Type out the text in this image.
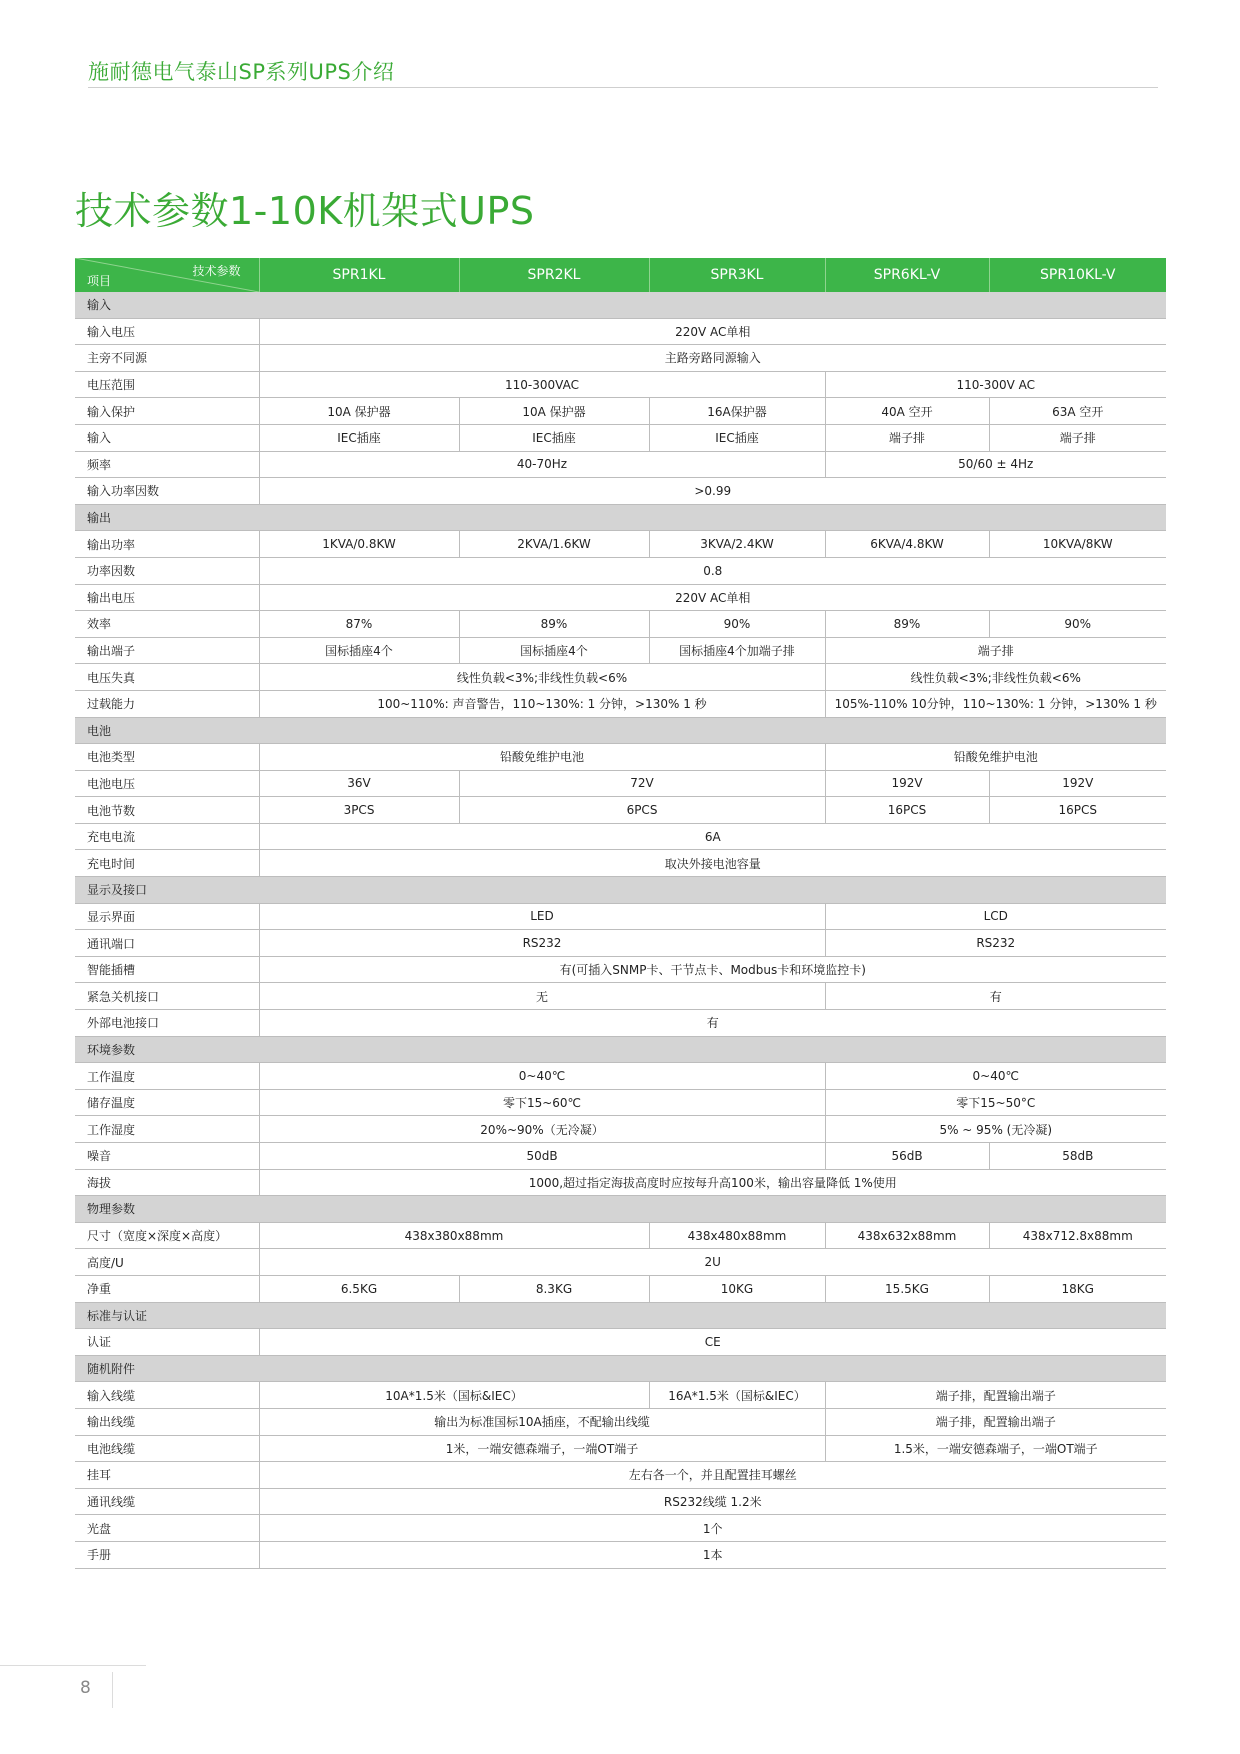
施耐德电气泰山SP系列UPS介绍
技术参数1-10K机架式UPS
技术参数
项目	SPR1KL	SPR2KL	SPR3KL	SPR6KL-V	SPR10KL-V
输入					
输入电压	220V AC单相				
主旁不同源	主路旁路同源输入				
电压范围	110-300VAC			110-300V AC	
输入保护	10A 保护器	10A 保护器	16A保护器	40A 空开	63A 空开
输入	IEC插座	IEC插座	IEC插座	端子排	端子排
频率	40-70Hz			50/60 ± 4Hz	
输入功率因数	>0.99				
输出					
输出功率	1KVA/0.8KW	2KVA/1.6KW	3KVA/2.4KW	6KVA/4.8KW	10KVA/8KW
功率因数	0.8				
输出电压	220V AC单相				
效率	87%	89%	90%	89%	90%
输出端子	国标插座4个	国标插座4个	国标插座4个加端子排	端子排	
电压失真	线性负载<3%;非线性负载<6%			线性负载<3%;非线性负载<6%	
过载能力	100~110%: 声音警告，110~130%: 1 分钟，>130% 1 秒			105%-110% 10分钟，110~130%: 1 分钟，>130% 1 秒	
电池					
电池类型	铅酸免维护电池			铅酸免维护电池	
电池电压	36V	72V		192V	192V
电池节数	3PCS	6PCS		16PCS	16PCS
充电电流	6A				
充电时间	取决外接电池容量				
显示及接口					
显示界面	LED			LCD	
通讯端口	RS232			RS232	
智能插槽	有(可插入SNMP卡、干节点卡、Modbus卡和环境监控卡)				
紧急关机接口	无			有	
外部电池接口	有				
环境参数					
工作温度	0~40℃			0~40℃	
储存温度	零下15~60℃			零下15~50°C	
工作湿度	20%~90%（无冷凝）			5% ~ 95% (无冷凝)	
噪音	50dB			56dB	58dB
海拔	1000,超过指定海拔高度时应按每升高100米，输出容量降低 1%使用				
物理参数					
尺寸（宽度×深度×高度）	438x380x88mm		438x480x88mm	438x632x88mm	438x712.8x88mm
高度/U	2U				
净重	6.5KG	8.3KG	10KG	15.5KG	18KG
标准与认证					
认证	CE				
随机附件					
输入线缆	10A*1.5米（国标&IEC）		16A*1.5米（国标&IEC）	端子排，配置输出端子	
输出线缆	输出为标准国标10A插座，不配输出线缆			端子排，配置输出端子	
电池线缆	1米，一端安德森端子，一端OT端子			1.5米，一端安德森端子，一端OT端子	
挂耳	左右各一个，并且配置挂耳螺丝				
通讯线缆	RS232线缆 1.2米				
光盘	1个				
手册	1本				
8
